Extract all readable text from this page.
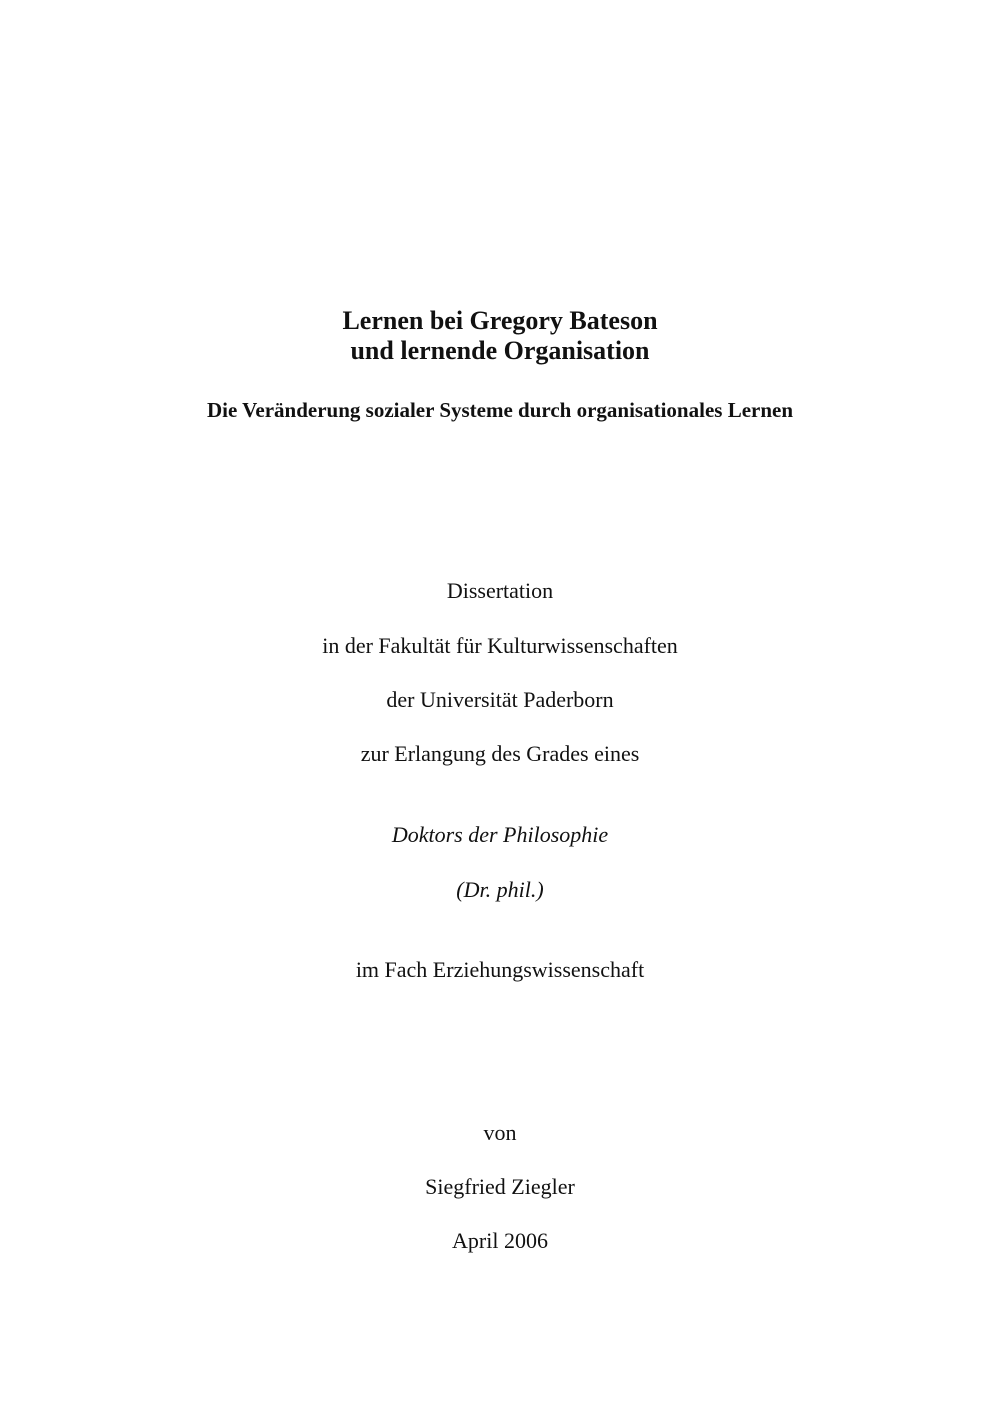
Lernen bei Gregory Bateson
und lernende Organisation
Die Veränderung sozialer Systeme durch organisationales Lernen
Dissertation
in der Fakultät für Kulturwissenschaften
der Universität Paderborn
zur Erlangung des Grades eines
Doktors der Philosophie
(Dr. phil.)
im Fach Erziehungswissenschaft
von
Siegfried Ziegler
April 2006
